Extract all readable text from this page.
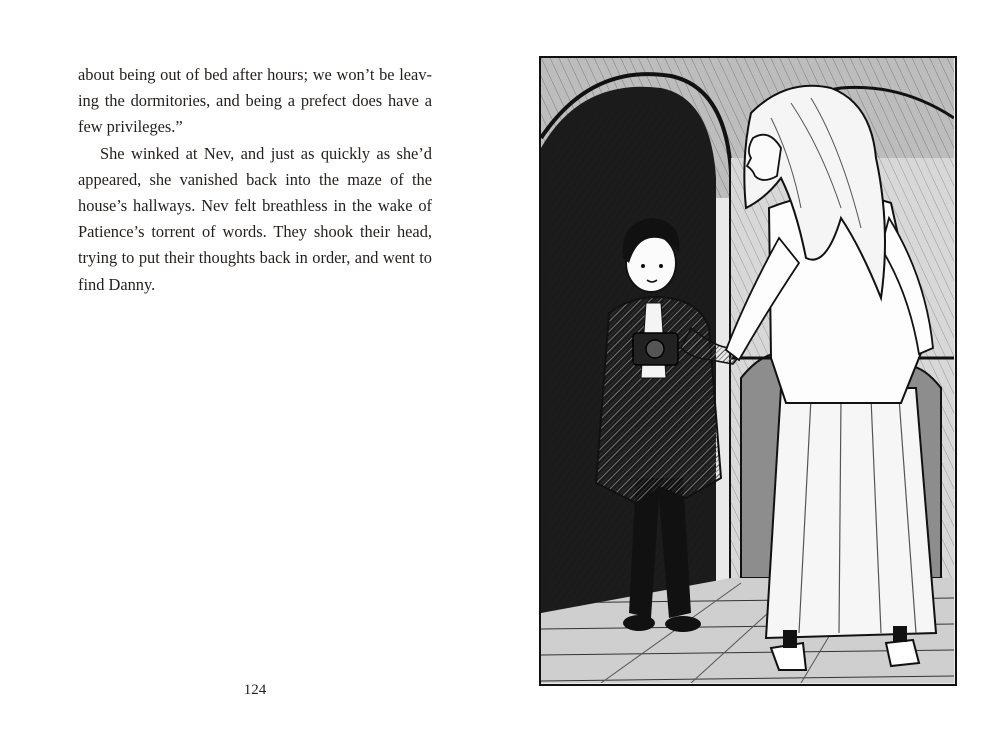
about being out of bed after hours; we won’t be leav-ing the dormitories, and being a prefect does have a few privileges.”

She winked at Nev, and just as quickly as she’d appeared, she vanished back into the maze of the house’s hallways. Nev felt breathless in the wake of Patience’s torrent of words. They shook their head, trying to put their thoughts back in order, and went to find Danny.

124
